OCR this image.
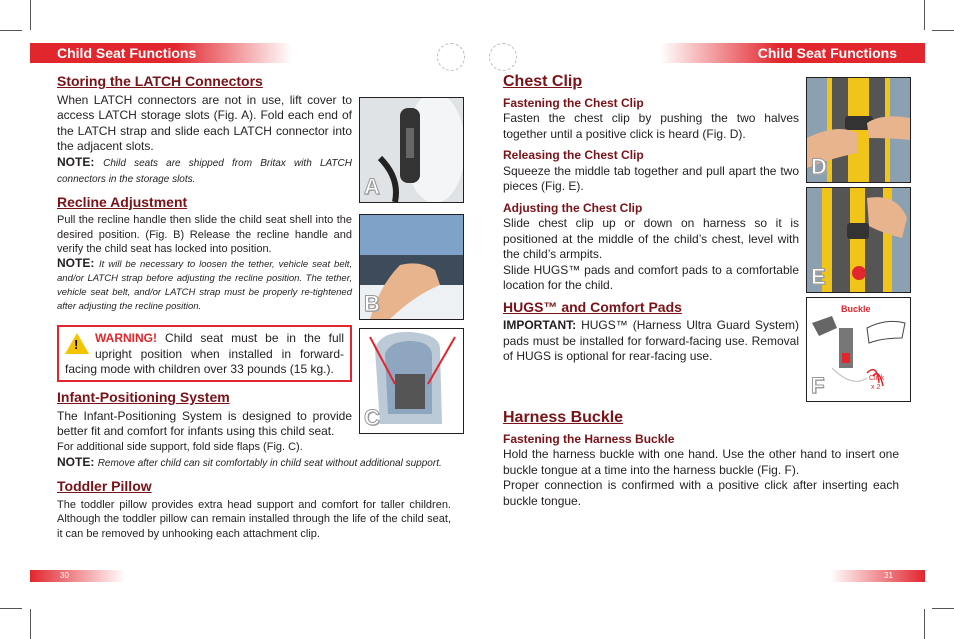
Child Seat Functions	Child Seat Functions
Storing the LATCH Connectors

When LATCH connectors are not in use, lift cover to access LATCH storage slots (Fig. A). Fold each end of the LATCH strap and slide each LATCH connector into the adjacent slots.

NOTE: Child seats are shipped from Britax with LATCH connectors in the storage slots.

Recline Adjustment

Pull the recline handle then slide the child seat shell into the desired position. (Fig. B) Release the recline handle and verify the child seat has locked into position.

NOTE: It will be necessary to loosen the tether, vehicle seat belt, and/or LATCH strap before adjusting the recline position. The tether, vehicle seat belt, and/or LATCH strap must be properly re-tightened after adjusting the recline position.

!	WARNING! Child seat must be in the full upright position when installed in forward-facing mode with children over 33 pounds (15 kg.).

Infant-Positioning System

The Infant-Positioning System is designed to provide better fit and comfort for infants using this child seat.

For additional side support, fold side flaps (Fig. C).

NOTE: Remove after child can sit comfortably in child seat without additional support.

Toddler Pillow

The toddler pillow provides extra head support and comfort for taller children. Although the toddler pillow can remain installed through the life of the child seat, it can be removed by unhooking each attachment clip.

A
B
C
Chest Clip
Fastening the Chest Clip

Fasten the chest clip by pushing the two halves together until a positive click is heard (Fig. D).

Releasing the Chest Clip

Squeeze the middle tab together and pull apart the two pieces (Fig. E).

Adjusting the Chest Clip

Slide chest clip up or down on harness so it is positioned at the middle of the child’s chest, level with the child’s armpits.

Slide HUGS™ pads and comfort pads to a comfortable location for the child.

HUGS™ and Comfort Pads

IMPORTANT: HUGS™ (Harness Ultra Guard System) pads must be installed for forward-facing use. Removal of HUGS is optional for rear-facing use.

Harness Buckle
Fastening the Harness Buckle

Hold the harness buckle with one hand. Use the other hand to insert one buckle tongue at a time into the harness buckle (Fig. F).

Proper connection is confirmed with a positive click after inserting each buckle tongue.

D
E
Buckle
Click
x 2
F
30	31
